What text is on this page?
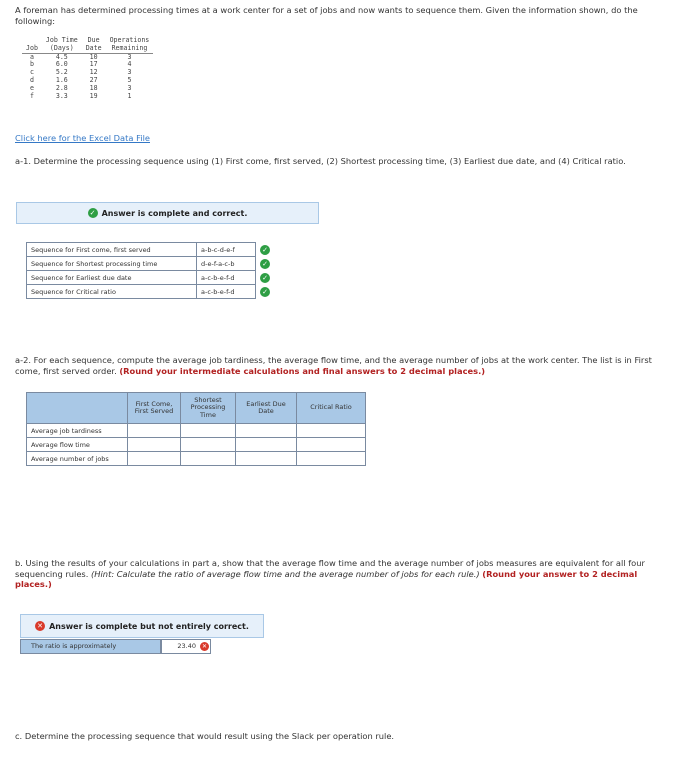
A foreman has determined processing times at a work center for a set of jobs and now wants to sequence them. Given the information shown, do the following:
	Job Time	Due	Operations
Job	(Days)	Date	Remaining
a	4.5	10	3
b	6.0	17	4
c	5.2	12	3
d	1.6	27	5
e	2.8	18	3
f	3.3	19	1
Click here for the Excel Data File
a-1. Determine the processing sequence using (1) First come, first served, (2) Shortest processing time, (3) Earliest due date, and (4) Critical ratio.
✓ Answer is complete and correct.
Sequence for First come, first served	a-b-c-d-e-f	✓
Sequence for Shortest processing time	d-e-f-a-c-b	✓
Sequence for Earliest due date	a-c-b-e-f-d	✓
Sequence for Critical ratio	a-c-b-e-f-d	✓
a-2. For each sequence, compute the average job tardiness, the average flow time, and the average number of jobs at the work center. The list is in First come, first served order. (Round your intermediate calculations and final answers to 2 decimal places.)
	First Come, First Served	Shortest Processing Time	Earliest Due Date	Critical Ratio
Average job tardiness				
Average flow time				
Average number of jobs				
b. Using the results of your calculations in part a, show that the average flow time and the average number of jobs measures are equivalent for all four sequencing rules. (Hint: Calculate the ratio of average flow time and the average number of jobs for each rule.) (Round your answer to 2 decimal places.)
✕ Answer is complete but not entirely correct.
The ratio is approximately	23.40 ✕
c. Determine the processing sequence that would result using the Slack per operation rule.
